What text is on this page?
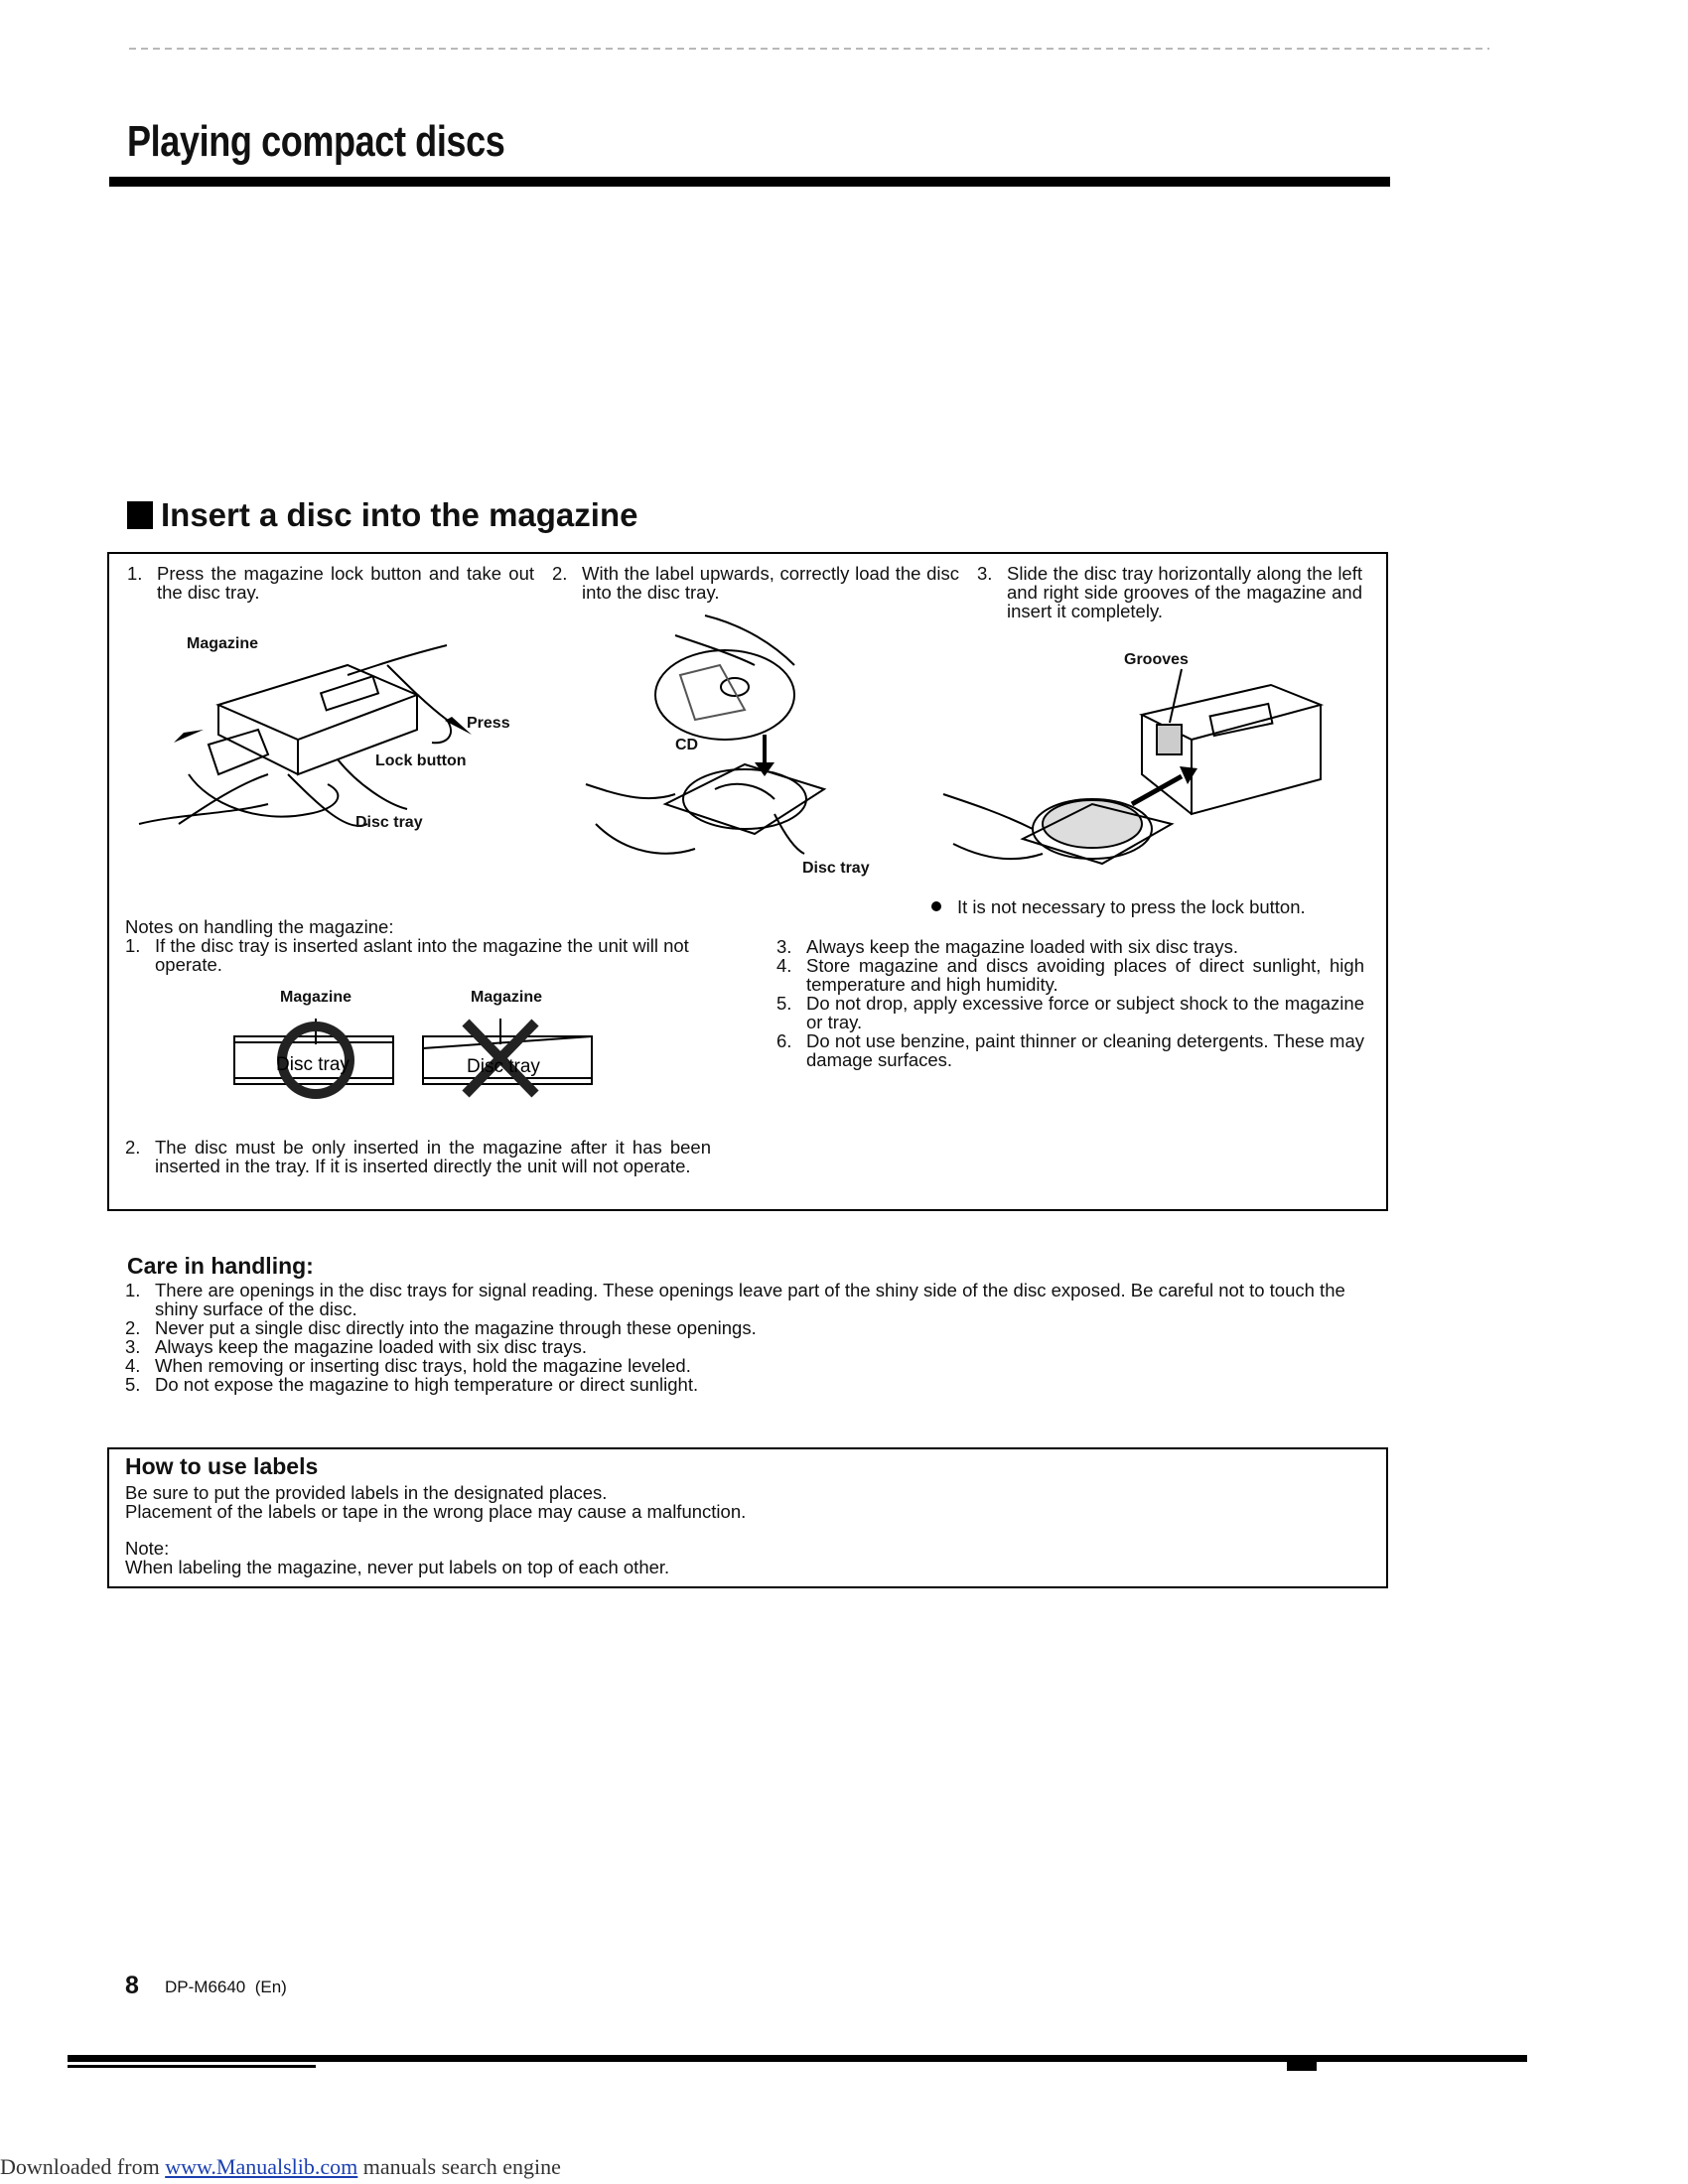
Playing compact discs
Insert a disc into the magazine
1. Press the magazine lock button and take out the disc tray.
2. With the label upwards, correctly load the disc into the disc tray.
3. Slide the disc tray horizontally along the left and right side grooves of the magazine and insert it completely.
Magazine
Press
Lock button
Disc tray
CD
Disc tray
Grooves
It is not necessary to press the lock button.
Notes on handling the magazine:
1. If the disc tray is inserted aslant into the magazine the unit will not operate.
Magazine	Magazine
Disc tray	Disc tray
2. The disc must be only inserted in the magazine after it has been inserted in the tray. If it is inserted directly the unit will not operate.
3. Always keep the magazine loaded with six disc trays.
4. Store magazine and discs avoiding places of direct sunlight, high temperature and high humidity.
5. Do not drop, apply excessive force or subject shock to the magazine or tray.
6. Do not use benzine, paint thinner or cleaning detergents. These may damage surfaces.
Care in handling:
1. There are openings in the disc trays for signal reading. These openings leave part of the shiny side of the disc exposed. Be careful not to touch the shiny surface of the disc.
2. Never put a single disc directly into the magazine through these openings.
3. Always keep the magazine loaded with six disc trays.
4. When removing or inserting disc trays, hold the magazine leveled.
5. Do not expose the magazine to high temperature or direct sunlight.
How to use labels
Be sure to put the provided labels in the designated places.
Placement of the labels or tape in the wrong place may cause a malfunction.
Note:
When labeling the magazine, never put labels on top of each other.
8 DP-M6640 (En)
Downloaded from www.Manualslib.com manuals search engine
